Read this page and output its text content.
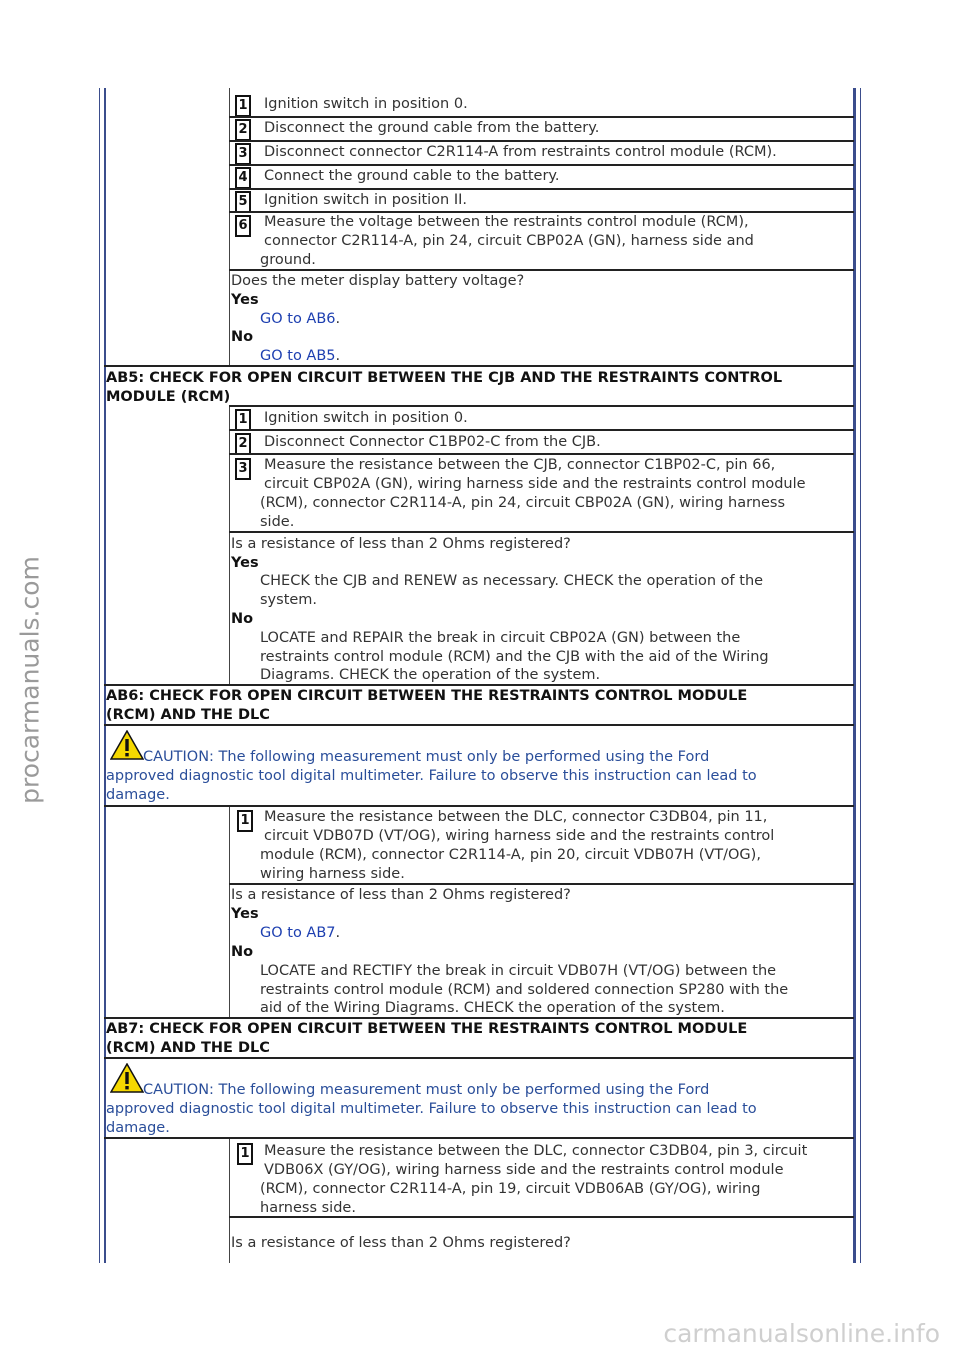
procarmanuals.com
carmanualsonline.info
1 Ignition switch in position 0.
2 Disconnect the ground cable from the battery.
3 Disconnect connector C2R114-A from restraints control module (RCM).
4 Connect the ground cable to the battery.
5 Ignition switch in position II.
6 Measure the voltage between the restraints control module (RCM),
connector C2R114-A, pin 24, circuit CBP02A (GN), harness side and
ground.
Does the meter display battery voltage?
Yes
GO to AB6.
No
GO to AB5.
AB5: CHECK FOR OPEN CIRCUIT BETWEEN THE CJB AND THE RESTRAINTS CONTROL
MODULE (RCM)
1 Ignition switch in position 0.
2 Disconnect Connector C1BP02-C from the CJB.
3 Measure the resistance between the CJB, connector C1BP02-C, pin 66,
circuit CBP02A (GN), wiring harness side and the restraints control module
(RCM), connector C2R114-A, pin 24, circuit CBP02A (GN), wiring harness
side.
Is a resistance of less than 2 Ohms registered?
Yes
CHECK the CJB and RENEW as necessary. CHECK the operation of the
system.
No
LOCATE and REPAIR the break in circuit CBP02A (GN) between the
restraints control module (RCM) and the CJB with the aid of the Wiring
Diagrams. CHECK the operation of the system.
AB6: CHECK FOR OPEN CIRCUIT BETWEEN THE RESTRAINTS CONTROL MODULE
(RCM) AND THE DLC
CAUTION: The following measurement must only be performed using the Ford
approved diagnostic tool digital multimeter. Failure to observe this instruction can lead to
damage.
1 Measure the resistance between the DLC, connector C3DB04, pin 11,
circuit VDB07D (VT/OG), wiring harness side and the restraints control
module (RCM), connector C2R114-A, pin 20, circuit VDB07H (VT/OG),
wiring harness side.
Is a resistance of less than 2 Ohms registered?
Yes
GO to AB7.
No
LOCATE and RECTIFY the break in circuit VDB07H (VT/OG) between the
restraints control module (RCM) and soldered connection SP280 with the
aid of the Wiring Diagrams. CHECK the operation of the system.
AB7: CHECK FOR OPEN CIRCUIT BETWEEN THE RESTRAINTS CONTROL MODULE
(RCM) AND THE DLC
CAUTION: The following measurement must only be performed using the Ford
approved diagnostic tool digital multimeter. Failure to observe this instruction can lead to
damage.
1 Measure the resistance between the DLC, connector C3DB04, pin 3, circuit
VDB06X (GY/OG), wiring harness side and the restraints control module
(RCM), connector C2R114-A, pin 19, circuit VDB06AB (GY/OG), wiring
harness side.
Is a resistance of less than 2 Ohms registered?
